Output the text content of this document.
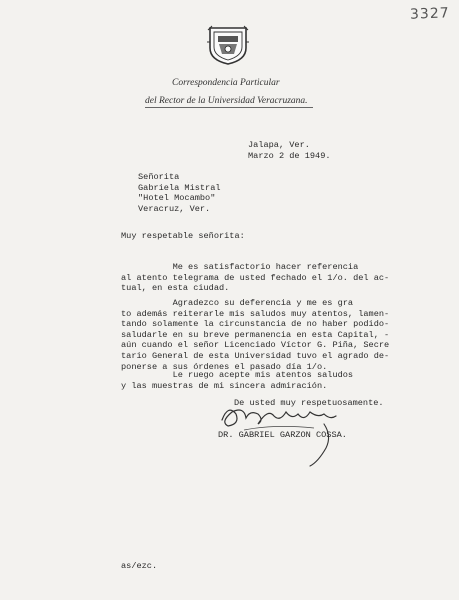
3327
Correspondencia Particular
del Rector de la Universidad Veracruzana.
Jalapa, Ver.
Marzo 2 de 1949.
Señorita
Gabriela Mistral
"Hotel Mocambo"
Veracruz, Ver.
Muy respetable señorita:
Me es satisfactorio hacer referencia
al atento telegrama de usted fechado el 1/o. del ac-
tual, en esta ciudad.
Agradezco su deferencia y me es gra
to además reiterarle mis saludos muy atentos, lamen-
tando solamente la circunstancia de no haber podido-
saludarle en su breve permanencia en esta Capital, -
aún cuando el señor Licenciado Víctor G. Piña, Secre
tario General de esta Universidad tuvo el agrado de-
ponerse a sus órdenes el pasado día 1/o.
Le ruego acepte mis atentos saludos
y las muestras de mi sincera admiración.
De usted muy respetuosamente.
DR. GABRIEL GARZON COSSA.
as/ezc.
